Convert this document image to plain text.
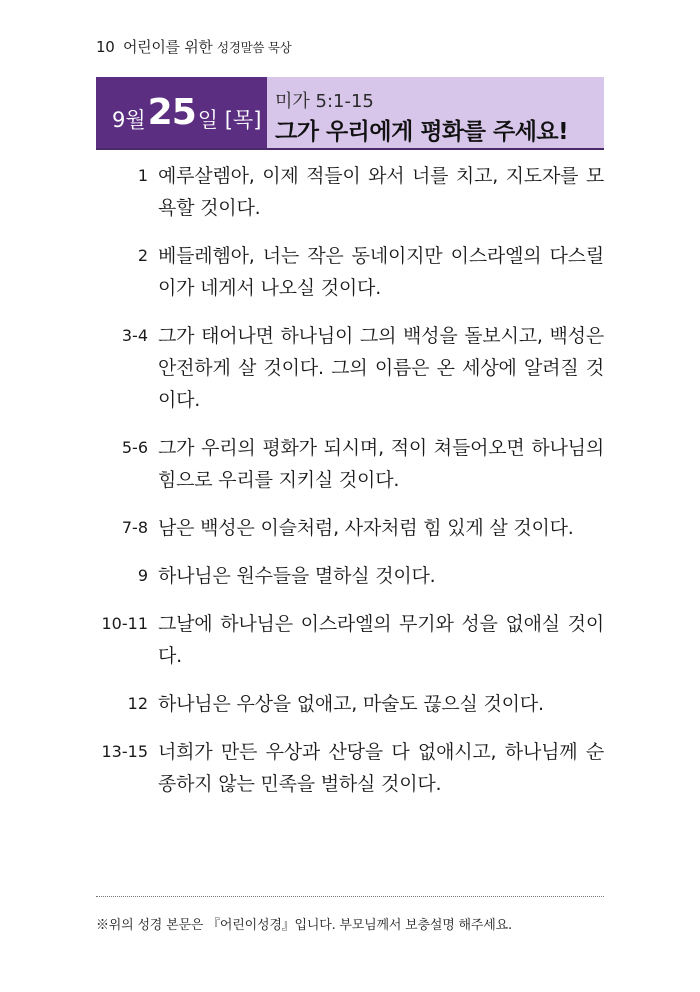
10 어린이를 위한 성경말씀 묵상
9월 25 일 [목]
미가 5:1-15
그가 우리에게 평화를 주세요!
1 예루살렘아, 이제 적들이 와서 너를 치고, 지도자를 모욕할 것이다.
2 베들레헴아, 너는 작은 동네이지만 이스라엘의 다스릴 이가 네게서 나오실 것이다.
3-4 그가 태어나면 하나님이 그의 백성을 돌보시고, 백성은 안전하게 살 것이다. 그의 이름은 온 세상에 알려질 것이다.
5-6 그가 우리의 평화가 되시며, 적이 쳐들어오면 하나님의 힘으로 우리를 지키실 것이다.
7-8 남은 백성은 이슬처럼, 사자처럼 힘 있게 살 것이다.
9 하나님은 원수들을 멸하실 것이다.
10-11 그날에 하나님은 이스라엘의 무기와 성을 없애실 것이다.
12 하나님은 우상을 없애고, 마술도 끊으실 것이다.
13-15 너희가 만든 우상과 산당을 다 없애시고, 하나님께 순종하지 않는 민족을 벌하실 것이다.
※위의 성경 본문은 『어린이성경』입니다. 부모님께서 보충설명 해주세요.
